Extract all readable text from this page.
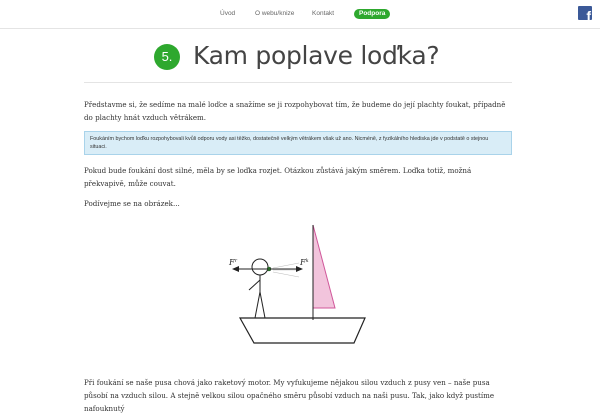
Úvod	O webu/knize	Kontakt	Podpora	f
5. Kam poplave loďka?

Představme si, že sedíme na malé loďce a snažíme se ji rozpohybovat tím, že budeme do její plachty foukat, případně do plachty hnát vzduch větrákem.

Foukáním bychom loďku rozpohybovali kvůli odporu vody asi těžko, dostatečně velkým větrákem však už ano. Nicméně, z fyzikálního hlediska jde v podstatě o stejnou situaci.

Pokud bude foukání dost silné, měla by se loďka rozjet. Otázkou zůstává jakým směrem. Loďka totiž, možná překvapivě, může couvat.

Podívejme se na obrázek...

$F^r$	$F^k$

Při foukání se naše pusa chová jako raketový motor. My vyfukujeme nějakou silou vzduch z pusy ven – naše pusa působí na vzduch silou. A stejně velkou silou opačného směru působí vzduch na naši pusu. Tak, jako když pustíme nafouknutý
